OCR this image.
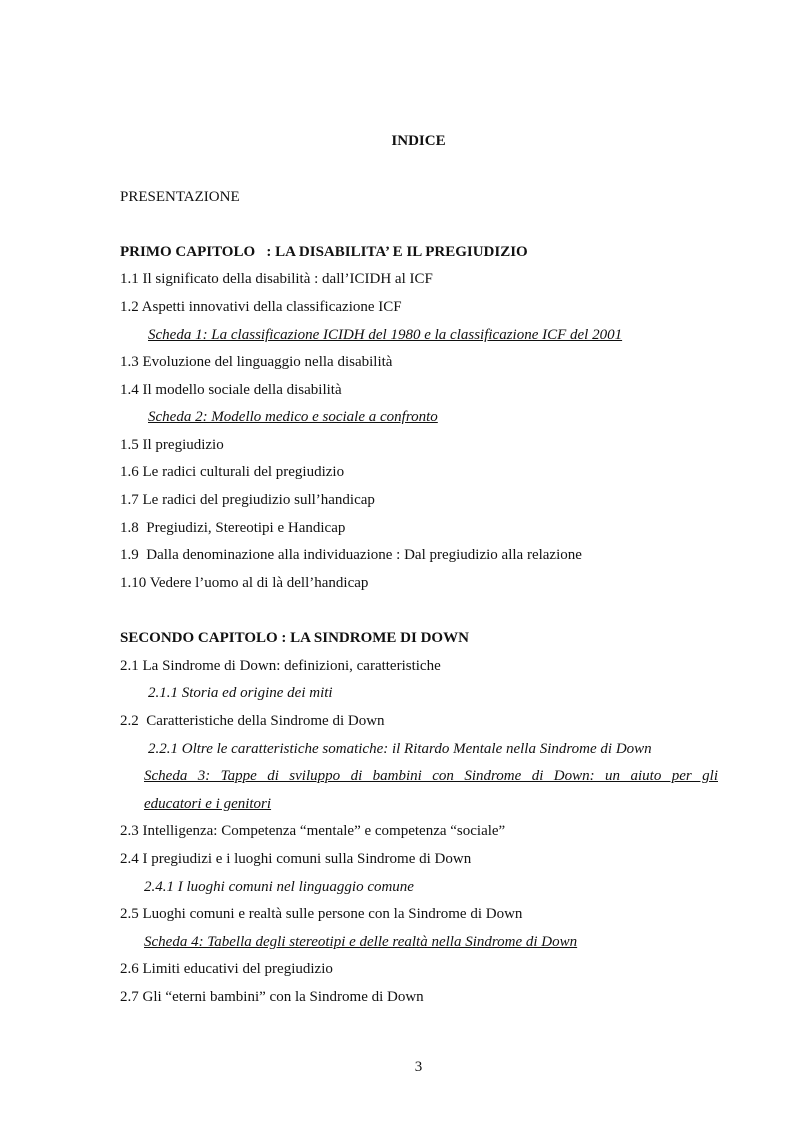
INDICE
PRESENTAZIONE
PRIMO CAPITOLO   : LA DISABILITA’ E IL PREGIUDIZIO
1.1 Il significato della disabilità : dall’ICIDH al ICF
1.2 Aspetti innovativi della classificazione ICF
Scheda 1: La classificazione ICIDH del 1980 e la classificazione ICF del 2001
1.3 Evoluzione del linguaggio nella disabilità
1.4 Il modello sociale della disabilità
Scheda 2: Modello medico e sociale a confronto
1.5 Il pregiudizio
1.6 Le radici culturali del pregiudizio
1.7 Le radici del pregiudizio sull’handicap
1.8  Pregiudizi, Stereotipi e Handicap
1.9  Dalla denominazione alla individuazione : Dal pregiudizio alla relazione
1.10 Vedere l’uomo al di là dell’handicap
SECONDO CAPITOLO : LA SINDROME DI DOWN
2.1 La Sindrome di Down: definizioni, caratteristiche
2.1.1 Storia ed origine dei miti
2.2  Caratteristiche della Sindrome di Down
2.2.1 Oltre le caratteristiche somatiche: il Ritardo Mentale nella Sindrome di Down
Scheda 3: Tappe di sviluppo di bambini con Sindrome di Down: un aiuto per gli
educatori e i genitori
2.3 Intelligenza: Competenza “mentale” e competenza “sociale”
2.4 I pregiudizi e i luoghi comuni sulla Sindrome di Down
2.4.1 I luoghi comuni nel linguaggio comune
2.5 Luoghi comuni e realtà sulle persone con la Sindrome di Down
Scheda 4: Tabella degli stereotipi e delle realtà nella Sindrome di Down
2.6 Limiti educativi del pregiudizio
2.7 Gli “eterni bambini” con la Sindrome di Down
3
